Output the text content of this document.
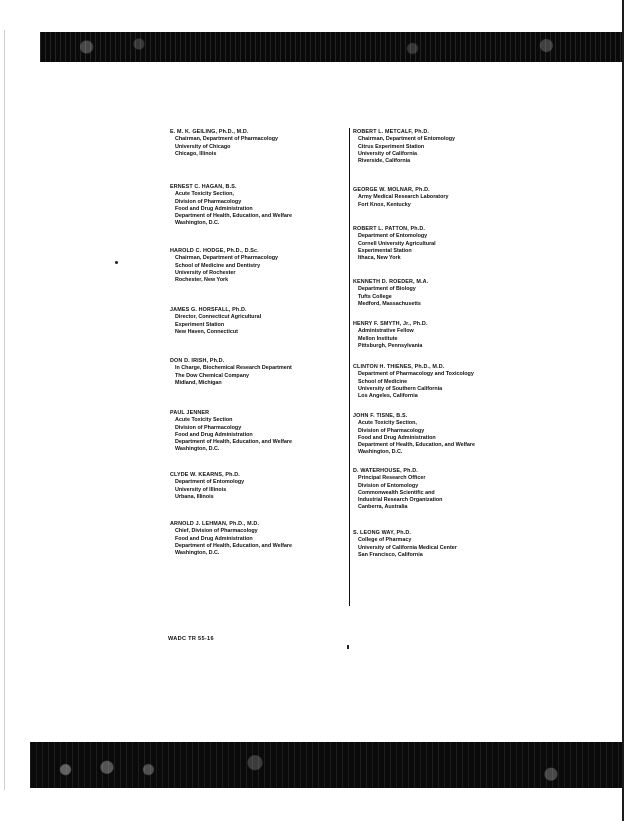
E. M. K. GEILING, Ph.D., M.D.
Chairman, Department of Pharmacology
University of Chicago
Chicago, Illinois
ERNEST C. HAGAN, B.S.
Acute Toxicity Section,
Division of Pharmacology
Food and Drug Administration
Department of Health, Education, and Welfare
Washington, D.C.
HAROLD C. HODGE, Ph.D., D.Sc.
Chairman, Department of Pharmacology
School of Medicine and Dentistry
University of Rochester
Rochester, New York
JAMES G. HORSFALL, Ph.D.
Director, Connecticut Agricultural
Experiment Station
New Haven, Connecticut
DON D. IRISH, Ph.D.
In Charge, Biochemical Research Department
The Dow Chemical Company
Midland, Michigan
PAUL JENNER
Acute Toxicity Section
Division of Pharmacology
Food and Drug Administration
Department of Health, Education, and Welfare
Washington, D.C.
CLYDE W. KEARNS, Ph.D.
Department of Entomology
University of Illinois
Urbana, Illinois
ARNOLD J. LEHMAN, Ph.D., M.D.
Chief, Division of Pharmacology
Food and Drug Administration
Department of Health, Education, and Welfare
Washington, D.C.
ROBERT L. METCALF, Ph.D.
Chairman, Department of Entomology
Citrus Experiment Station
University of California
Riverside, California
GEORGE W. MOLNAR, Ph.D.
Army Medical Research Laboratory
Fort Knox, Kentucky
ROBERT L. PATTON, Ph.D.
Department of Entomology
Cornell University Agricultural
Experimental Station
Ithaca, New York
KENNETH D. ROEDER, M.A.
Department of Biology
Tufts College
Medford, Massachusetts
HENRY F. SMYTH, Jr., Ph.D.
Administrative Fellow
Mellon Institute
Pittsburgh, Pennsylvania
CLINTON H. THIENES, Ph.D., M.D.
Department of Pharmacology and Toxicology
School of Medicine
University of Southern California
Los Angeles, California
JOHN F. TISNE, B.S.
Acute Toxicity Section,
Division of Pharmacology
Food and Drug Administration
Department of Health, Education, and Welfare
Washington, D.C.
D. WATERHOUSE, Ph.D.
Principal Research Officer
Division of Entomology
Commonwealth Scientific and
Industrial Research Organization
Canberra, Australia
S. LEONG WAY, Ph.D.
College of Pharmacy
University of California Medical Center
San Francisco, California
WADC TR 55-16
